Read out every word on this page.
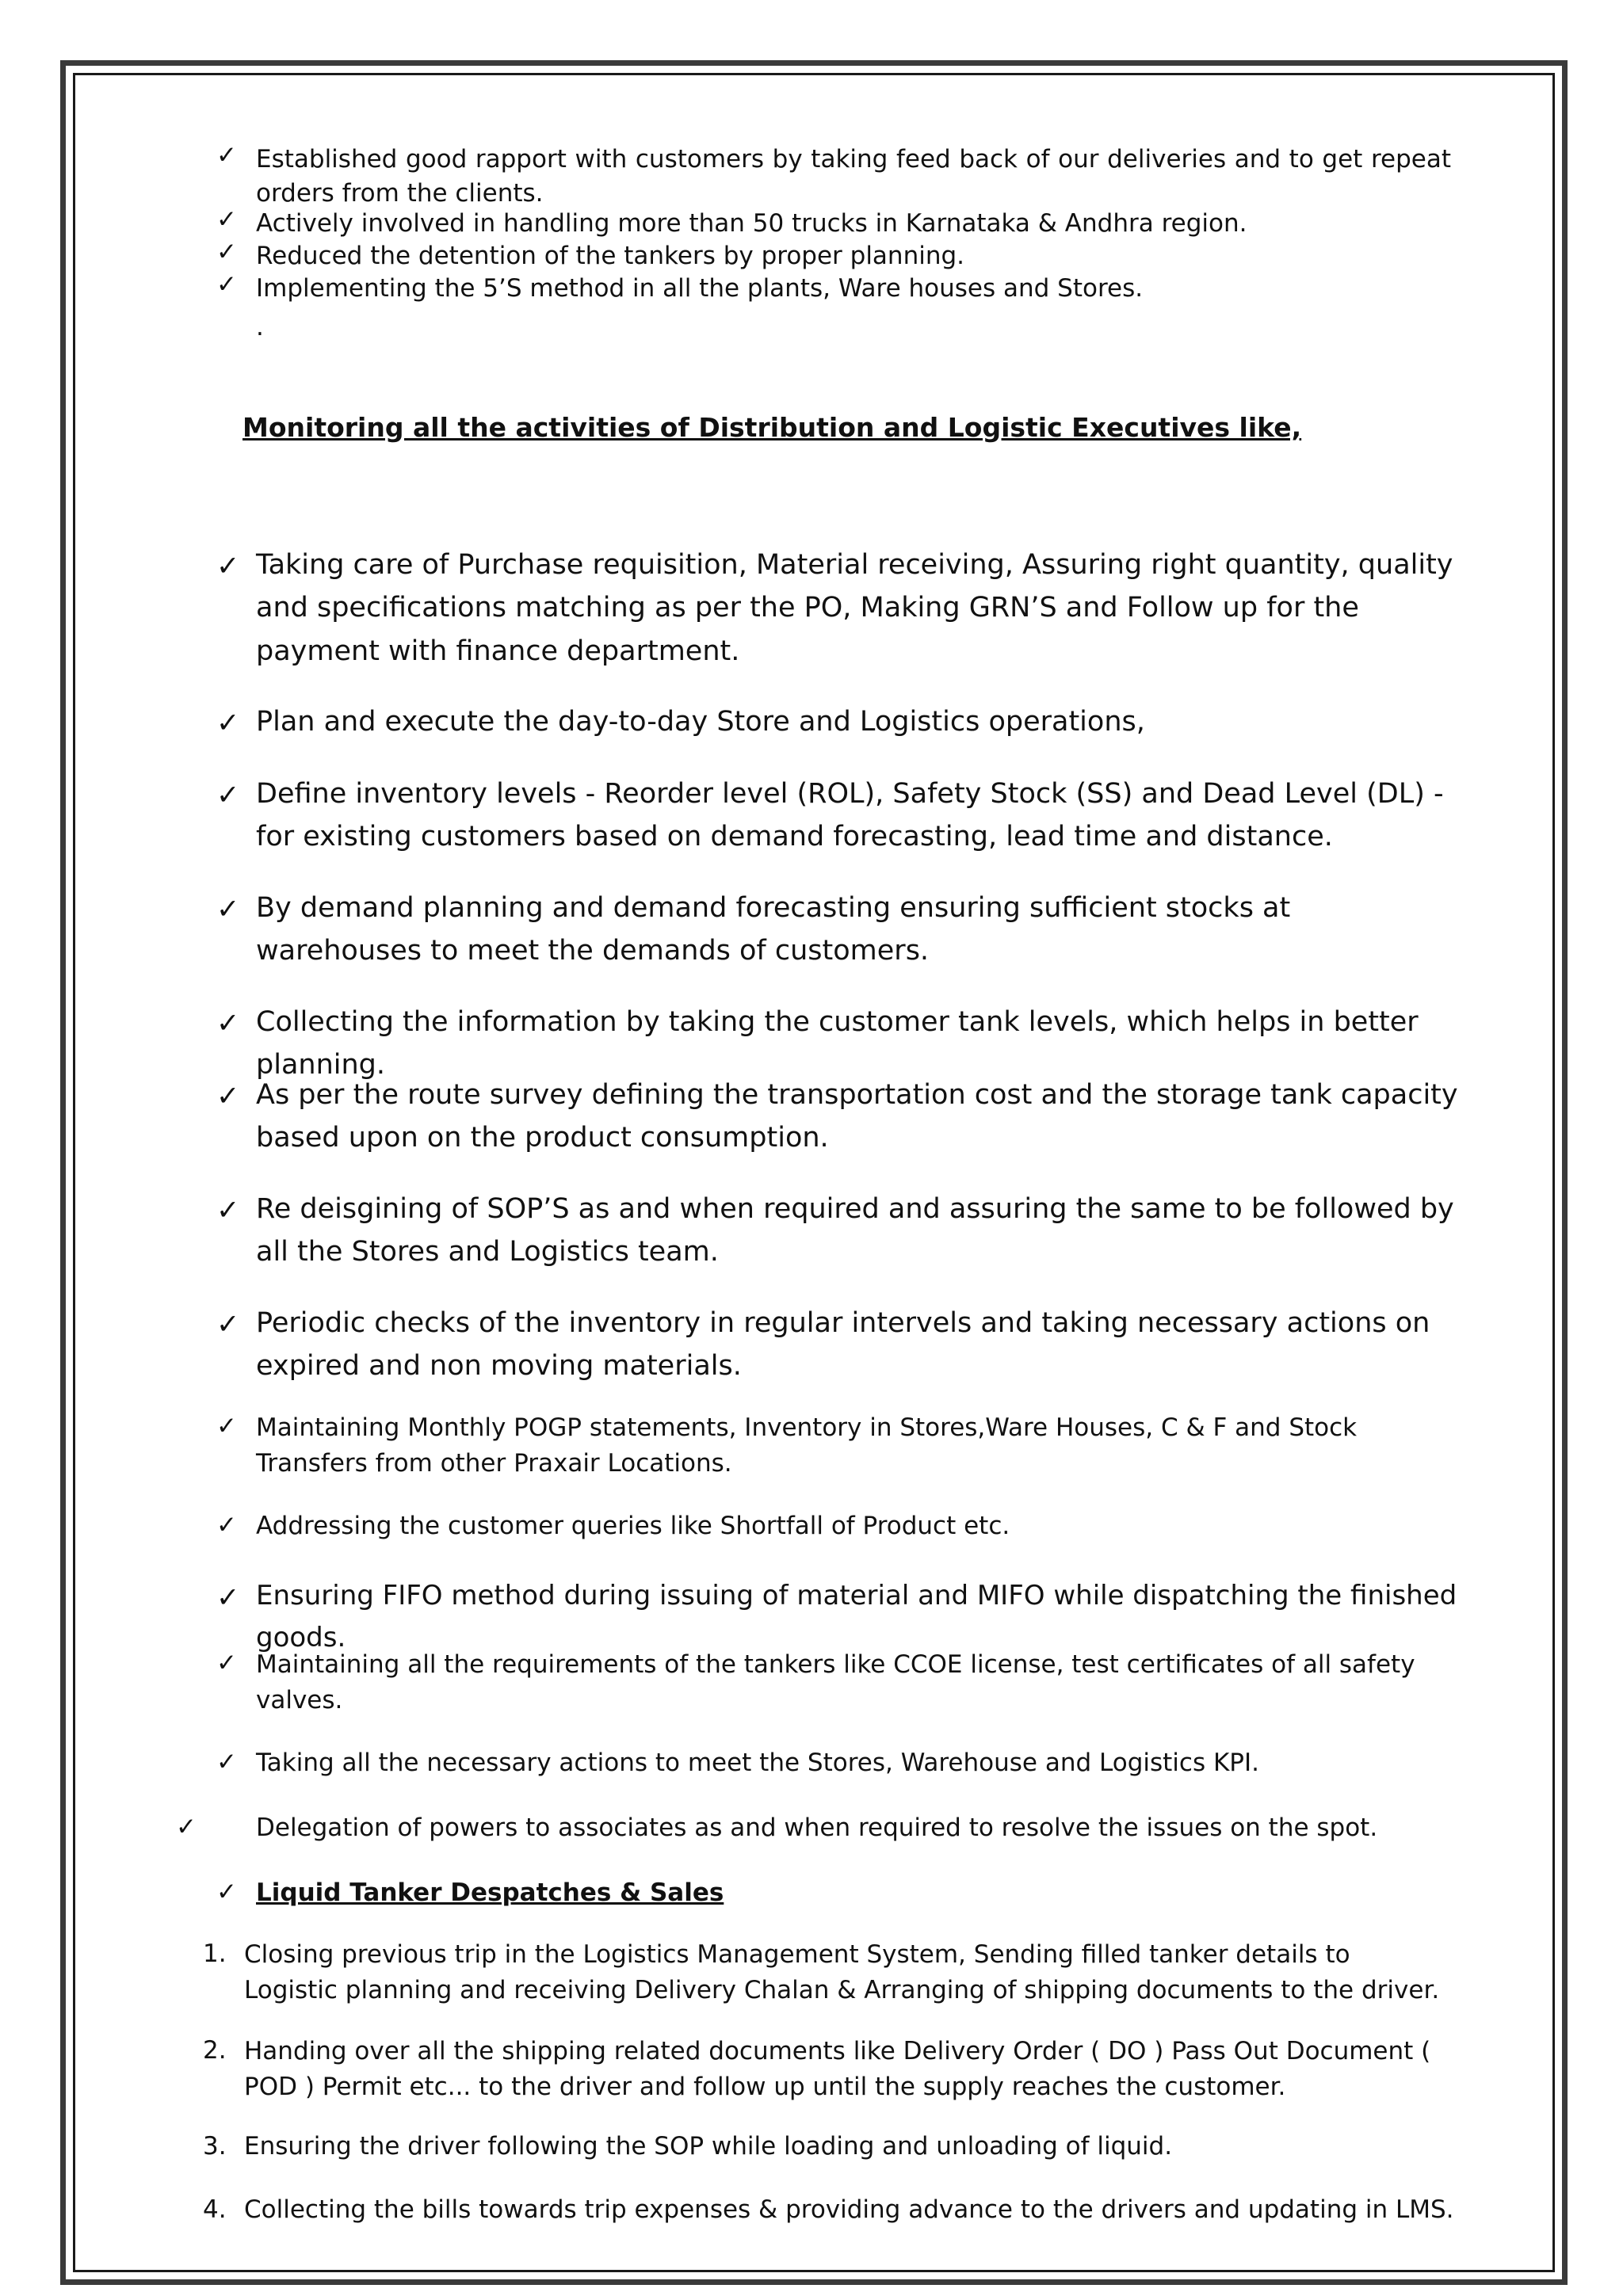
✓ Established good rapport with customers by taking feed back of our deliveries and to get repeat orders from the clients.
✓ Actively involved in handling more than 50 trucks in Karnataka & Andhra region.
✓ Reduced the detention of the tankers by proper planning.
✓ Implementing the 5’S method in all the plants, Ware houses and Stores.
.
Monitoring all the activities of Distribution and Logistic Executives like,
✓ Taking care of Purchase requisition, Material receiving, Assuring right quantity, quality and specifications matching as per the PO, Making GRN’S and Follow up for the payment with finance department.
✓ Plan and execute the day-to-day Store and Logistics operations,
✓ Define inventory levels - Reorder level (ROL), Safety Stock (SS) and Dead Level (DL) - for existing customers based on demand forecasting, lead time and distance.
✓ By demand planning and demand forecasting ensuring sufficient stocks at warehouses to meet the demands of customers.
✓ Collecting the information by taking the customer tank levels, which helps in better planning.
✓ As per the route survey defining the transportation cost and the storage tank capacity based upon on the product consumption.
✓ Re deisgining of SOP’S as and when required and assuring the same to be followed by all the Stores and Logistics team.
✓ Periodic checks of the inventory in regular intervels and taking necessary actions on expired and non moving materials.
✓ Maintaining Monthly POGP statements, Inventory in Stores,Ware Houses, C & F and Stock Transfers from other Praxair Locations.
✓ Addressing the customer queries like Shortfall of Product etc.
✓ Ensuring FIFO method during issuing of material and MIFO while dispatching the finished goods.
✓ Maintaining all the requirements of the tankers like CCOE license, test certificates of all safety valves.
✓ Taking all the necessary actions to meet the Stores, Warehouse and Logistics KPI.
✓ Delegation of powers to associates as and when required to resolve the issues on the spot.
✓ Liquid Tanker Despatches & Sales
1. Closing previous trip in the Logistics Management System, Sending filled tanker details to Logistic planning and receiving Delivery Chalan & Arranging of shipping documents to the driver.
2. Handing over all the shipping related documents like Delivery Order ( DO ) Pass Out Document ( POD ) Permit etc... to the driver and follow up until the supply reaches the customer.
3. Ensuring the driver following the SOP while loading and unloading of liquid.
4. Collecting the bills towards trip expenses & providing advance to the drivers and updating in LMS.
